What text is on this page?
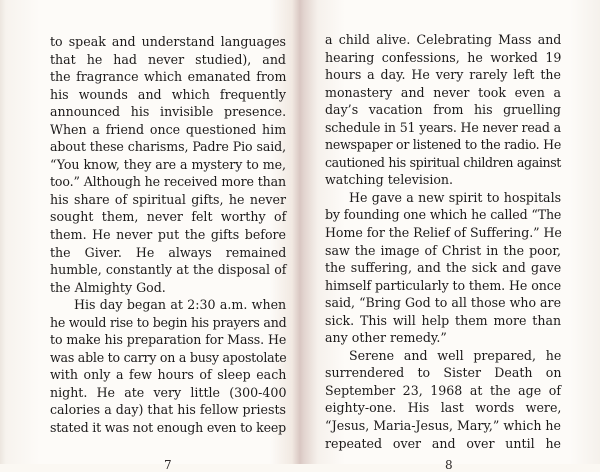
to speak and understand languages
that he had never studied), and
the fragrance which emanated from
his wounds and which frequently
announced his invisible presence.
When a friend once questioned him
about these charisms, Padre Pio said,
“You know, they are a mystery to me,
too.” Although he received more than
his share of spiritual gifts, he never
sought them, never felt worthy of
them. He never put the gifts before
the Giver. He always remained
humble, constantly at the disposal of
the Almighty God.
His day began at 2:30 a.m. when
he would rise to begin his prayers and
to make his preparation for Mass. He
was able to carry on a busy apostolate
with only a few hours of sleep each
night. He ate very little (300-400
calories a day) that his fellow priests
stated it was not enough even to keep
7
a child alive. Celebrating Mass and
hearing confessions, he worked 19
hours a day. He very rarely left the
monastery and never took even a
day’s vacation from his gruelling
schedule in 51 years. He never read a
newspaper or listened to the radio. He
cautioned his spiritual children against
watching television.
He gave a new spirit to hospitals
by founding one which he called “The
Home for the Relief of Suffering.” He
saw the image of Christ in the poor,
the suffering, and the sick and gave
himself particularly to them. He once
said, “Bring God to all those who are
sick. This will help them more than
any other remedy.”
Serene and well prepared, he
surrendered to Sister Death on
September 23, 1968 at the age of
eighty-one. His last words were,
“Jesus, Maria-Jesus, Mary,” which he
repeated over and over until he
8
